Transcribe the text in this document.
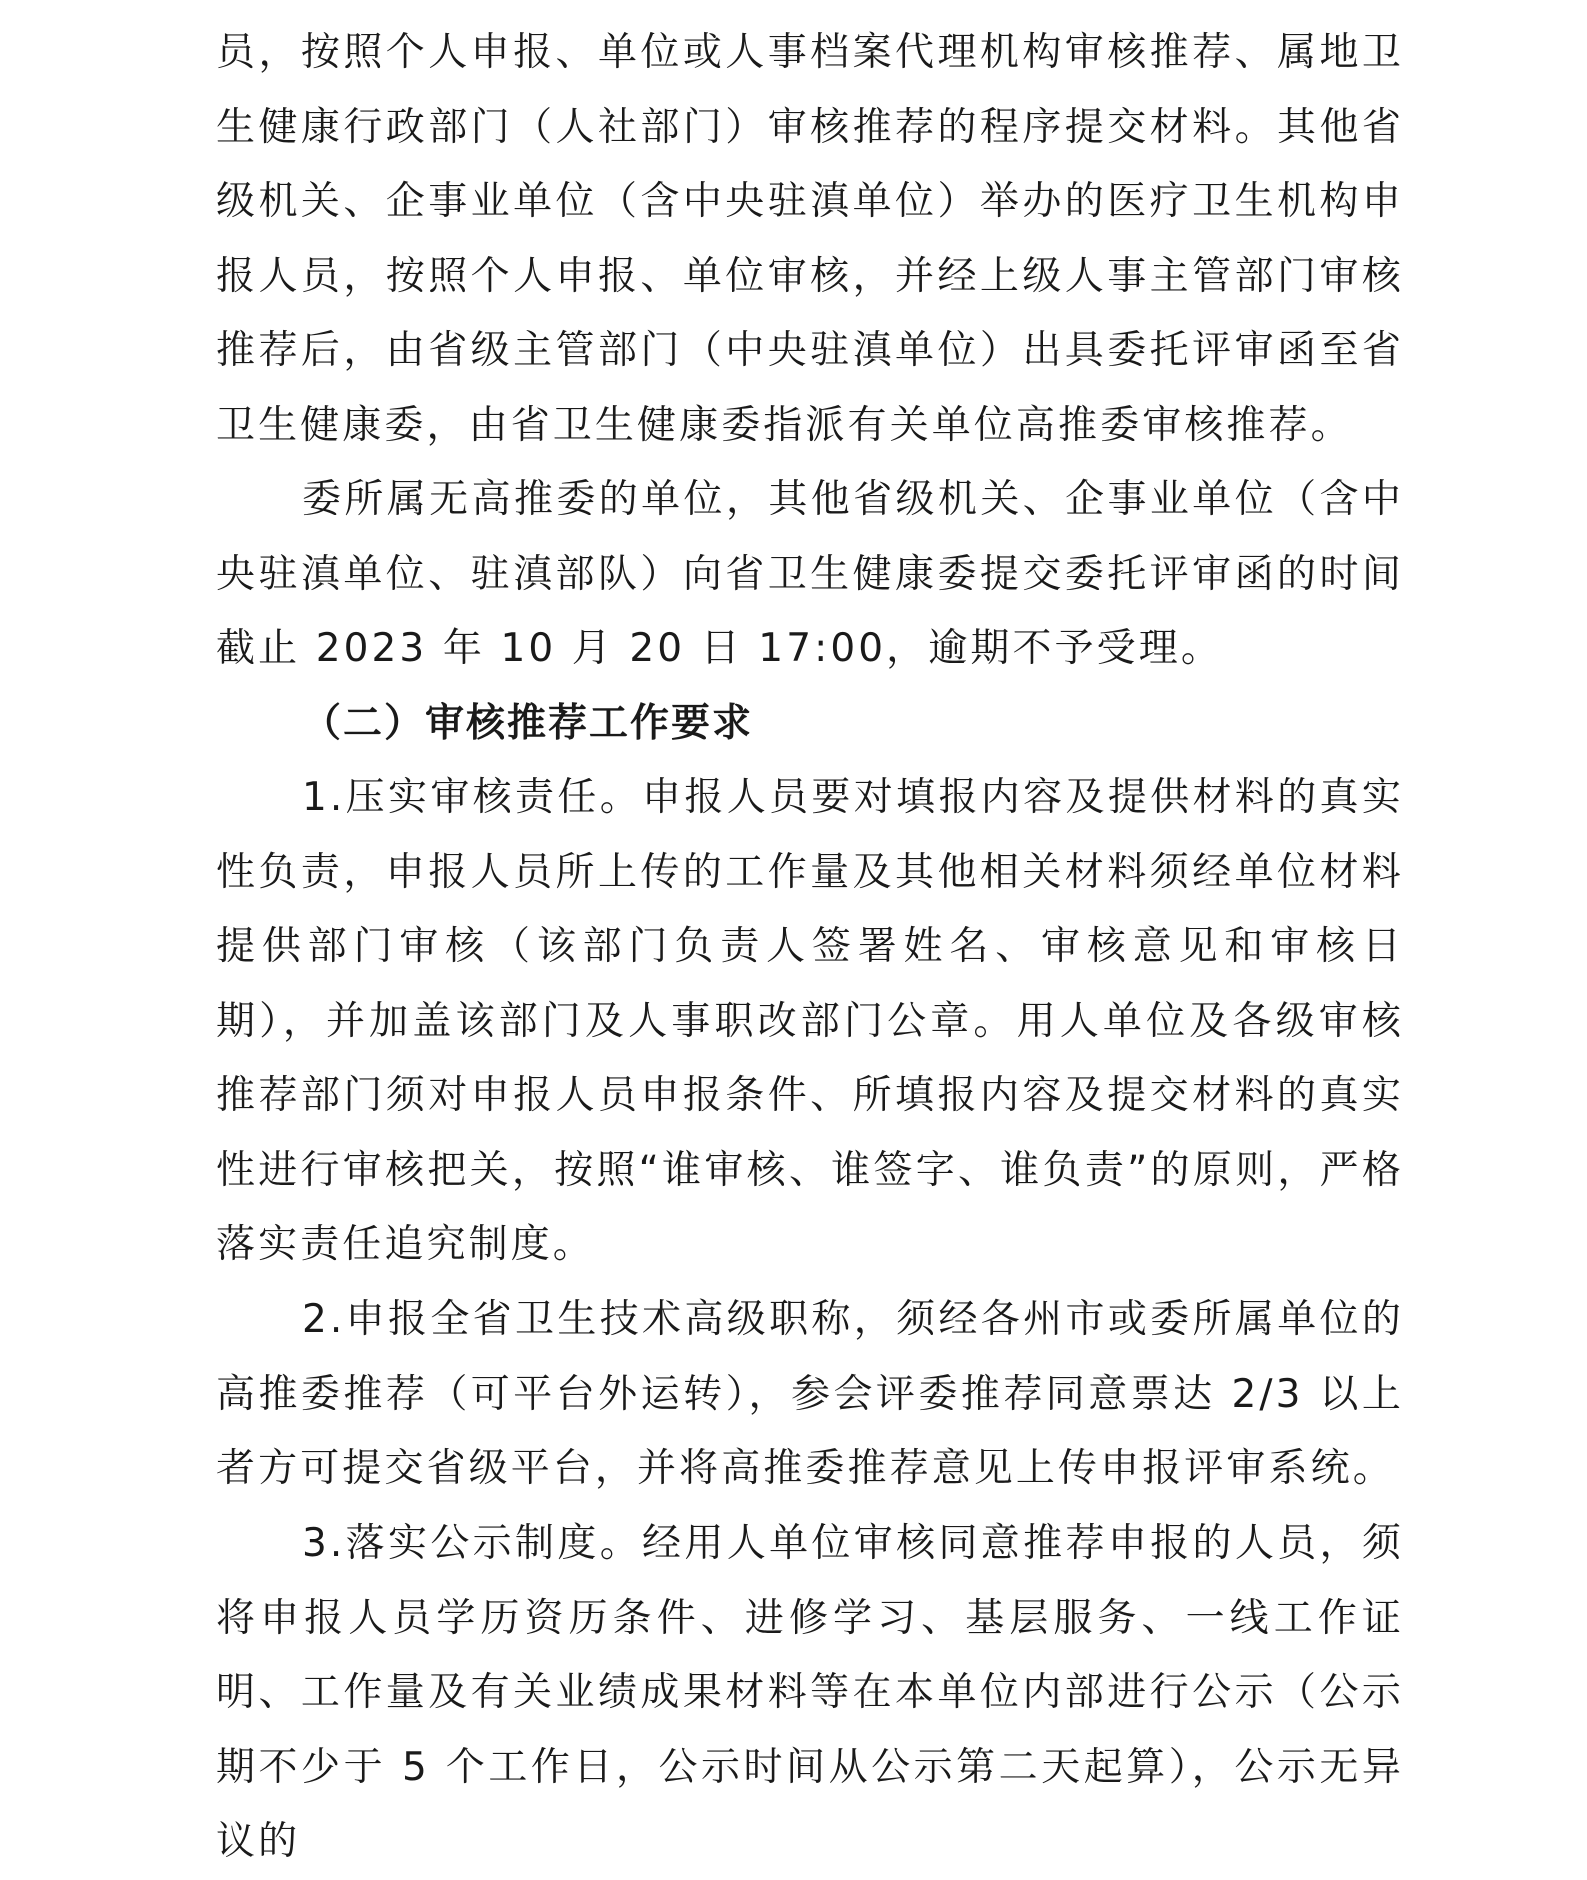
员，按照个人申报、单位或人事档案代理机构审核推荐、属地卫生健康行政部门（人社部门）审核推荐的程序提交材料。其他省级机关、企事业单位（含中央驻滇单位）举办的医疗卫生机构申报人员，按照个人申报、单位审核，并经上级人事主管部门审核推荐后，由省级主管部门（中央驻滇单位）出具委托评审函至省卫生健康委，由省卫生健康委指派有关单位高推委审核推荐。

委所属无高推委的单位，其他省级机关、企事业单位（含中央驻滇单位、驻滇部队）向省卫生健康委提交委托评审函的时间截止 2023 年 10 月 20 日 17:00，逾期不予受理。

（二）审核推荐工作要求

1.压实审核责任。申报人员要对填报内容及提供材料的真实性负责，申报人员所上传的工作量及其他相关材料须经单位材料提供部门审核（该部门负责人签署姓名、审核意见和审核日期），并加盖该部门及人事职改部门公章。用人单位及各级审核推荐部门须对申报人员申报条件、所填报内容及提交材料的真实性进行审核把关，按照“谁审核、谁签字、谁负责”的原则，严格落实责任追究制度。

2.申报全省卫生技术高级职称，须经各州市或委所属单位的高推委推荐（可平台外运转），参会评委推荐同意票达 2/3 以上者方可提交省级平台，并将高推委推荐意见上传申报评审系统。

3.落实公示制度。经用人单位审核同意推荐申报的人员，须将申报人员学历资历条件、进修学习、基层服务、一线工作证明、工作量及有关业绩成果材料等在本单位内部进行公示（公示期不少于 5 个工作日，公示时间从公示第二天起算），公示无异议的
